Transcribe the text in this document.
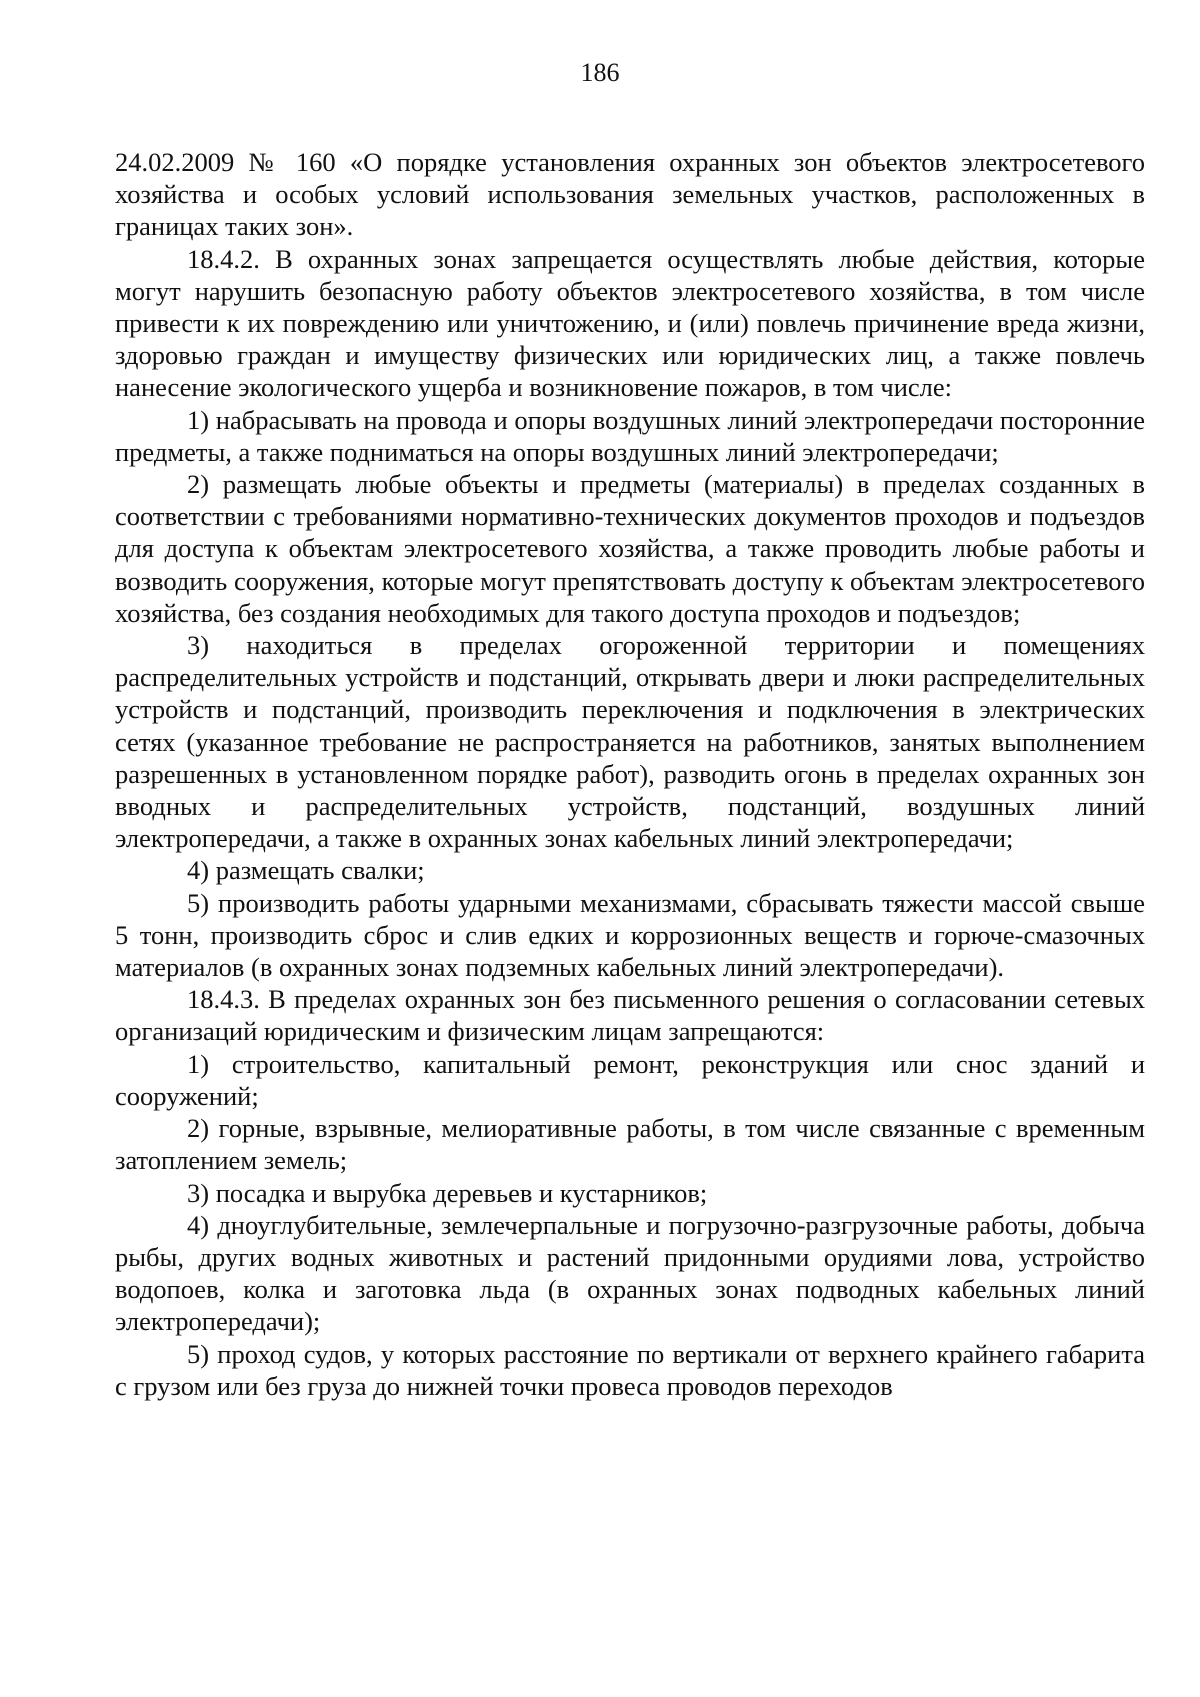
186

24.02.2009 № 160 «О порядке установления охранных зон объектов электросетевого хозяйства и особых условий использования земельных участков, расположенных в границах таких зон».

18.4.2. В охранных зонах запрещается осуществлять любые действия, которые могут нарушить безопасную работу объектов электросетевого хозяйства, в том числе привести к их повреждению или уничтожению, и (или) повлечь причинение вреда жизни, здоровью граждан и имуществу физических или юридических лиц, а также повлечь нанесение экологического ущерба и возникновение пожаров, в том числе:

1) набрасывать на провода и опоры воздушных линий электропередачи посторонние предметы, а также подниматься на опоры воздушных линий электропередачи;

2) размещать любые объекты и предметы (материалы) в пределах созданных в соответствии с требованиями нормативно-технических документов проходов и подъездов для доступа к объектам электросетевого хозяйства, а также проводить любые работы и возводить сооружения, которые могут препятствовать доступу к объектам электросетевого хозяйства, без создания необходимых для такого доступа проходов и подъездов;

3) находиться в пределах огороженной территории и помещениях распределительных устройств и подстанций, открывать двери и люки распределительных устройств и подстанций, производить переключения и подключения в электрических сетях (указанное требование не распространяется на работников, занятых выполнением разрешенных в установленном порядке работ), разводить огонь в пределах охранных зон вводных и распределительных устройств, подстанций, воздушных линий электропередачи, а также в охранных зонах кабельных линий электропередачи;

4) размещать свалки;

5) производить работы ударными механизмами, сбрасывать тяжести массой свыше 5 тонн, производить сброс и слив едких и коррозионных веществ и горюче-смазочных материалов (в охранных зонах подземных кабельных линий электропередачи).

18.4.3. В пределах охранных зон без письменного решения о согласовании сетевых организаций юридическим и физическим лицам запрещаются:

1) строительство, капитальный ремонт, реконструкция или снос зданий и сооружений;

2) горные, взрывные, мелиоративные работы, в том числе связанные с временным затоплением земель;

3) посадка и вырубка деревьев и кустарников;

4) дноуглубительные, землечерпальные и погрузочно-разгрузочные работы, добыча рыбы, других водных животных и растений придонными орудиями лова, устройство водопоев, колка и заготовка льда (в охранных зонах подводных кабельных линий электропередачи);

5) проход судов, у которых расстояние по вертикали от верхнего крайнего габарита с грузом или без груза до нижней точки провеса проводов переходов
